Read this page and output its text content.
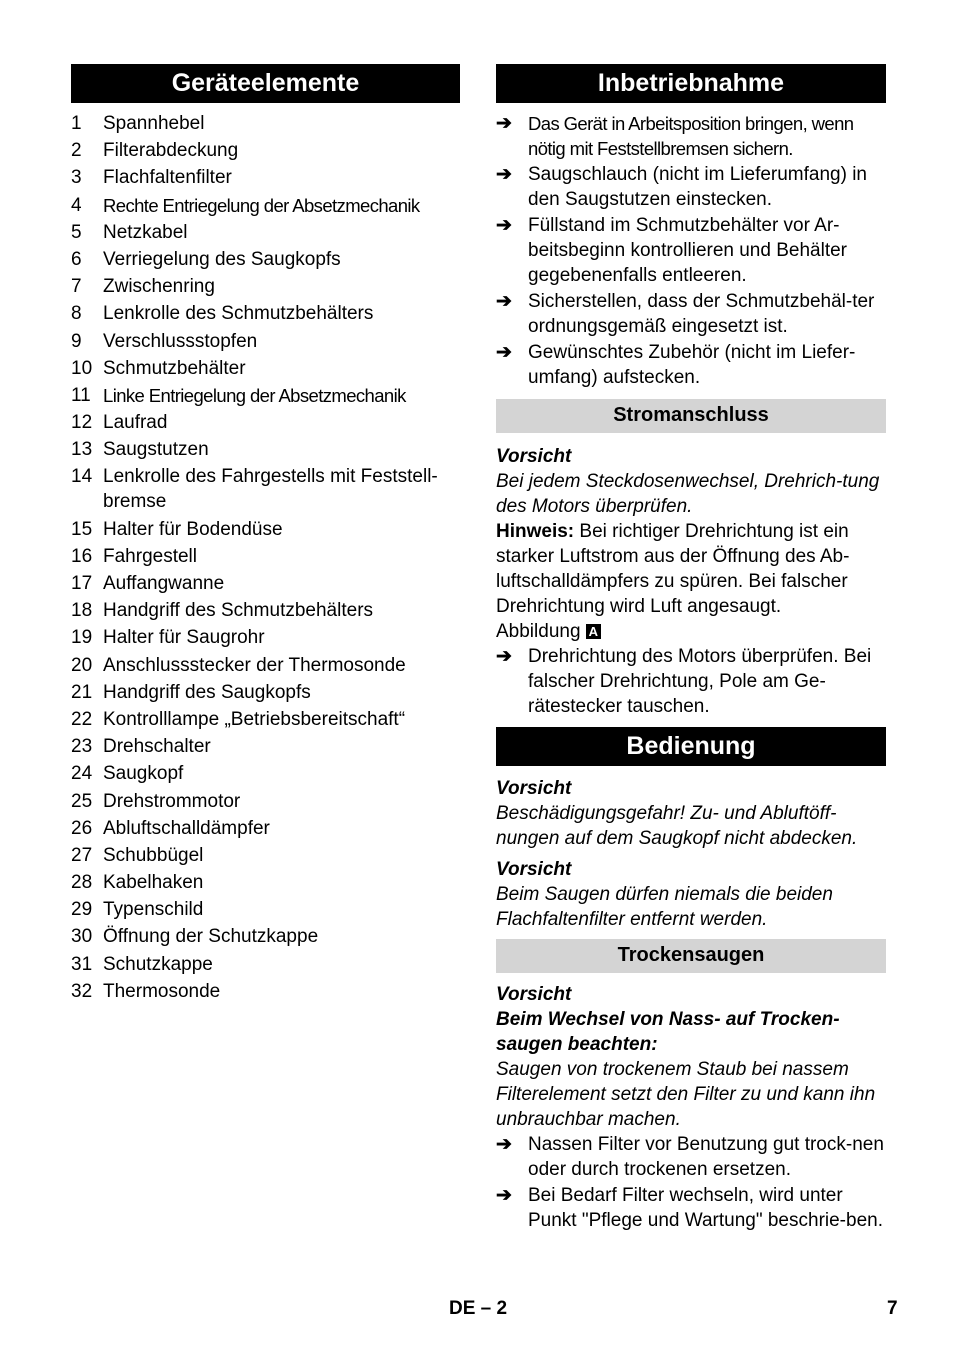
Geräteelemente
1	Spannhebel
2	Filterabdeckung
3	Flachfaltenfilter
4	Rechte Entriegelung der Absetzmechanik
5	Netzkabel
6	Verriegelung des Saugkopfs
7	Zwischenring
8	Lenkrolle des Schmutzbehälters
9	Verschlussstopfen
10 Schmutzbehälter
11 Linke Entriegelung der Absetzmechanik
12 Laufrad
13 Saugstutzen
14 Lenkrolle des Fahrgestells mit Feststell-bremse
15 Halter für Bodendüse
16 Fahrgestell
17 Auffangwanne
18 Handgriff des Schmutzbehälters
19 Halter für Saugrohr
20 Anschlussstecker der Thermosonde
21 Handgriff des Saugkopfs
22 Kontrolllampe „Betriebsbereitschaft“
23 Drehschalter
24 Saugkopf
25 Drehstrommotor
26 Abluftschalldämpfer
27 Schubbügel
28 Kabelhaken
29 Typenschild
30 Öffnung der Schutzkappe
31 Schutzkappe
32 Thermosonde
Inbetriebnahme
➔ Das Gerät in Arbeitsposition bringen, wenn nötig mit Feststellbremsen sichern.
➔ Saugschlauch (nicht im Lieferumfang) in den Saugstutzen einstecken.
➔ Füllstand im Schmutzbehälter vor Ar-beitsbeginn kontrollieren und Behälter gegebenenfalls entleeren.
➔ Sicherstellen, dass der Schmutzbehäl-ter ordnungsgemäß eingesetzt ist.
➔ Gewünschtes Zubehör (nicht im Liefer-umfang) aufstecken.
Stromanschluss
Vorsicht
Bei jedem Steckdosenwechsel, Drehrich-tung des Motors überprüfen.
Hinweis: Bei richtiger Drehrichtung ist ein starker Luftstrom aus der Öffnung des Ab-luftschalldämpfers zu spüren. Bei falscher Drehrichtung wird Luft angesaugt.
Abbildung A
➔ Drehrichtung des Motors überprüfen. Bei falscher Drehrichtung, Pole am Ge-rätestecker tauschen.
Bedienung
Vorsicht
Beschädigungsgefahr! Zu- und Abluftöff-nungen auf dem Saugkopf nicht abdecken.
Vorsicht
Beim Saugen dürfen niemals die beiden Flachfaltenfilter entfernt werden.
Trockensaugen
Vorsicht
Beim Wechsel von Nass- auf Trocken-saugen beachten:
Saugen von trockenem Staub bei nassem Filterelement setzt den Filter zu und kann ihn unbrauchbar machen.
➔ Nassen Filter vor Benutzung gut trock-nen oder durch trockenen ersetzen.
➔ Bei Bedarf Filter wechseln, wird unter Punkt "Pflege und Wartung" beschrie-ben.
DE – 2	7
